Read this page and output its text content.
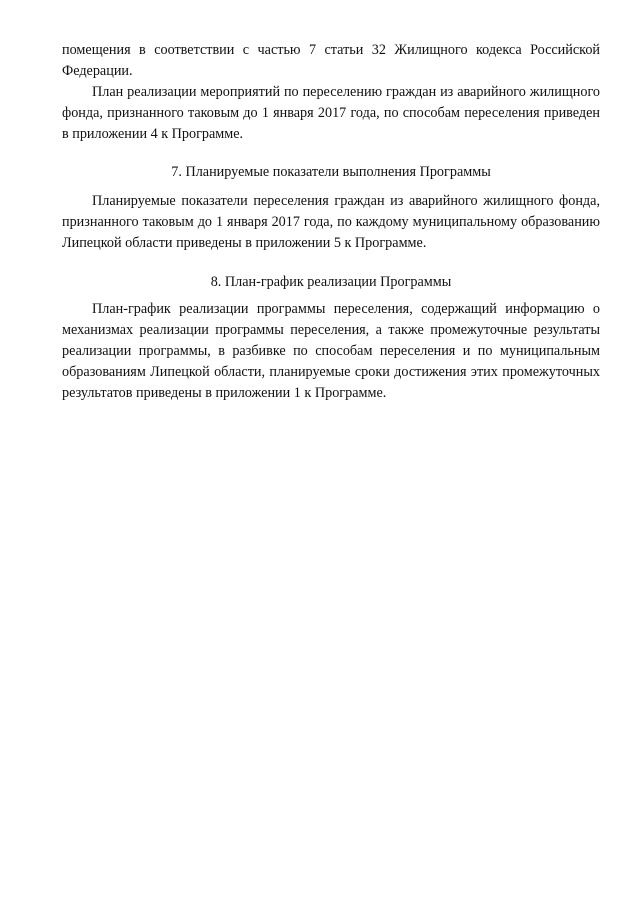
помещения в соответствии с частью 7 статьи 32 Жилищного кодекса Российской Федерации.

План реализации мероприятий по переселению граждан из аварийного жилищного фонда, признанного таковым до 1 января 2017 года, по способам переселения приведен в приложении 4 к Программе.

7. Планируемые показатели выполнения Программы

Планируемые показатели переселения граждан из аварийного жилищного фонда, признанного таковым до 1 января 2017 года, по каждому муниципальному образованию Липецкой области приведены в приложении 5 к Программе.

8. План-график реализации Программы

План-график реализации программы переселения, содержащий информацию о механизмах реализации программы переселения, а также промежуточные результаты реализации программы, в разбивке по способам переселения и по муниципальным образованиям Липецкой области, планируемые сроки достижения этих промежуточных результатов приведены в приложении 1 к Программе.
